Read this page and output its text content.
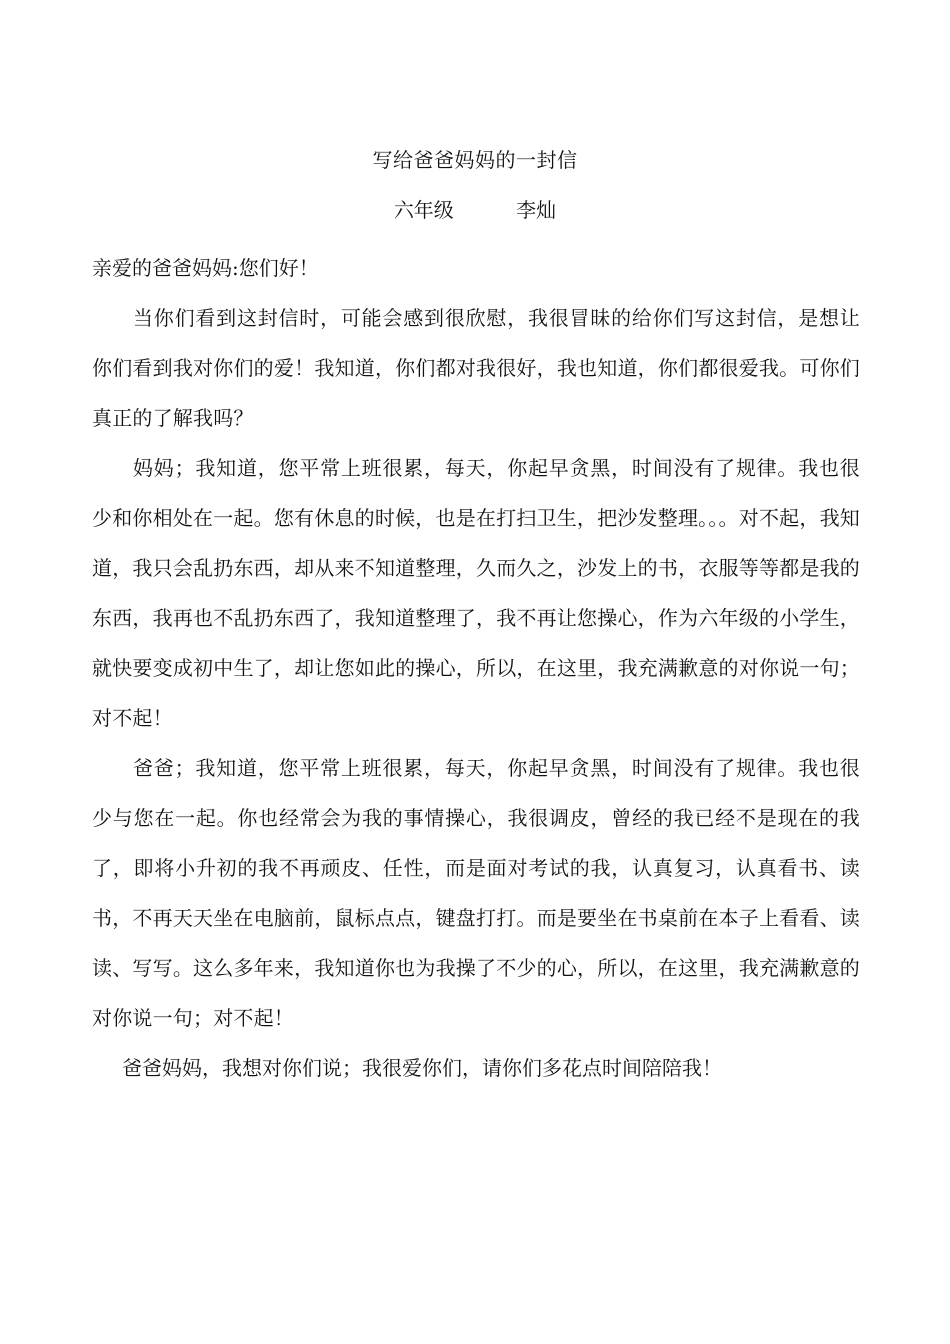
写给爸爸妈妈的一封信
六年级	李灿

亲爱的爸爸妈妈:您们好！

当你们看到这封信时，可能会感到很欣慰，我很冒昧的给你们写这封信，是想让你们看到我对你们的爱！我知道，你们都对我很好，我也知道，你们都很爱我。可你们真正的了解我吗？

妈妈；我知道，您平常上班很累，每天，你起早贪黑，时间没有了规律。我也很少和你相处在一起。您有休息的时候，也是在打扫卫生，把沙发整理。。。对不起，我知道，我只会乱扔东西，却从来不知道整理，久而久之，沙发上的书，衣服等等都是我的东西，我再也不乱扔东西了，我知道整理了，我不再让您操心，作为六年级的小学生，就快要变成初中生了，却让您如此的操心，所以，在这里，我充满歉意的对你说一句；对不起！

爸爸；我知道，您平常上班很累，每天，你起早贪黑，时间没有了规律。我也很少与您在一起。你也经常会为我的事情操心，我很调皮，曾经的我已经不是现在的我了，即将小升初的我不再顽皮、任性，而是面对考试的我，认真复习，认真看书、读书，不再天天坐在电脑前，鼠标点点，键盘打打。而是要坐在书桌前在本子上看看、读读、写写。这么多年来，我知道你也为我操了不少的心，所以，在这里，我充满歉意的对你说一句；对不起！

爸爸妈妈，我想对你们说；我很爱你们，请你们多花点时间陪陪我！
